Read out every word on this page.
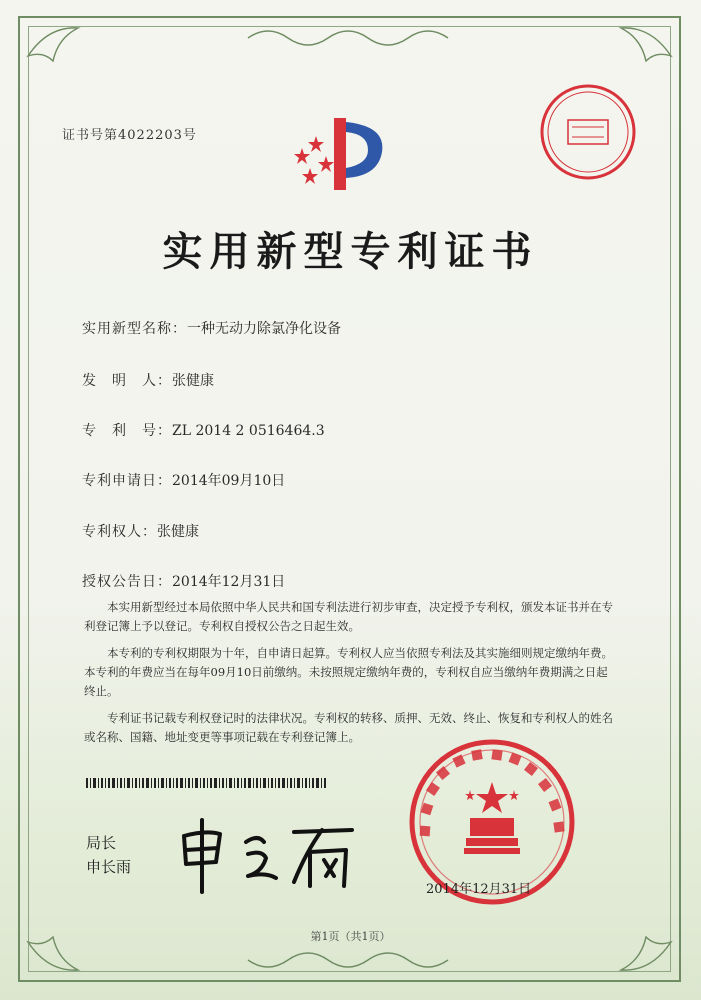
证书号第4022203号
实用新型专利证书
实用新型名称：一种无动力除氯净化设备
发　明　人：张健康
专　利　号：ZL 2014 2 0516464.3
专利申请日：2014年09月10日
专利权人：张健康
授权公告日：2014年12月31日

本实用新型经过本局依照中华人民共和国专利法进行初步审查，决定授予专利权，颁发本证书并在专利登记簿上予以登记。专利权自授权公告之日起生效。

本专利的专利权期限为十年，自申请日起算。专利权人应当依照专利法及其实施细则规定缴纳年费。本专利的年费应当在每年09月10日前缴纳。未按照规定缴纳年费的，专利权自应当缴纳年费期满之日起终止。

专利证书记载专利权登记时的法律状况。专利权的转移、质押、无效、终止、恢复和专利权人的姓名或名称、国籍、地址变更等事项记载在专利登记簿上。

局长
申长雨
2014年12月31日
第1页（共1页）
